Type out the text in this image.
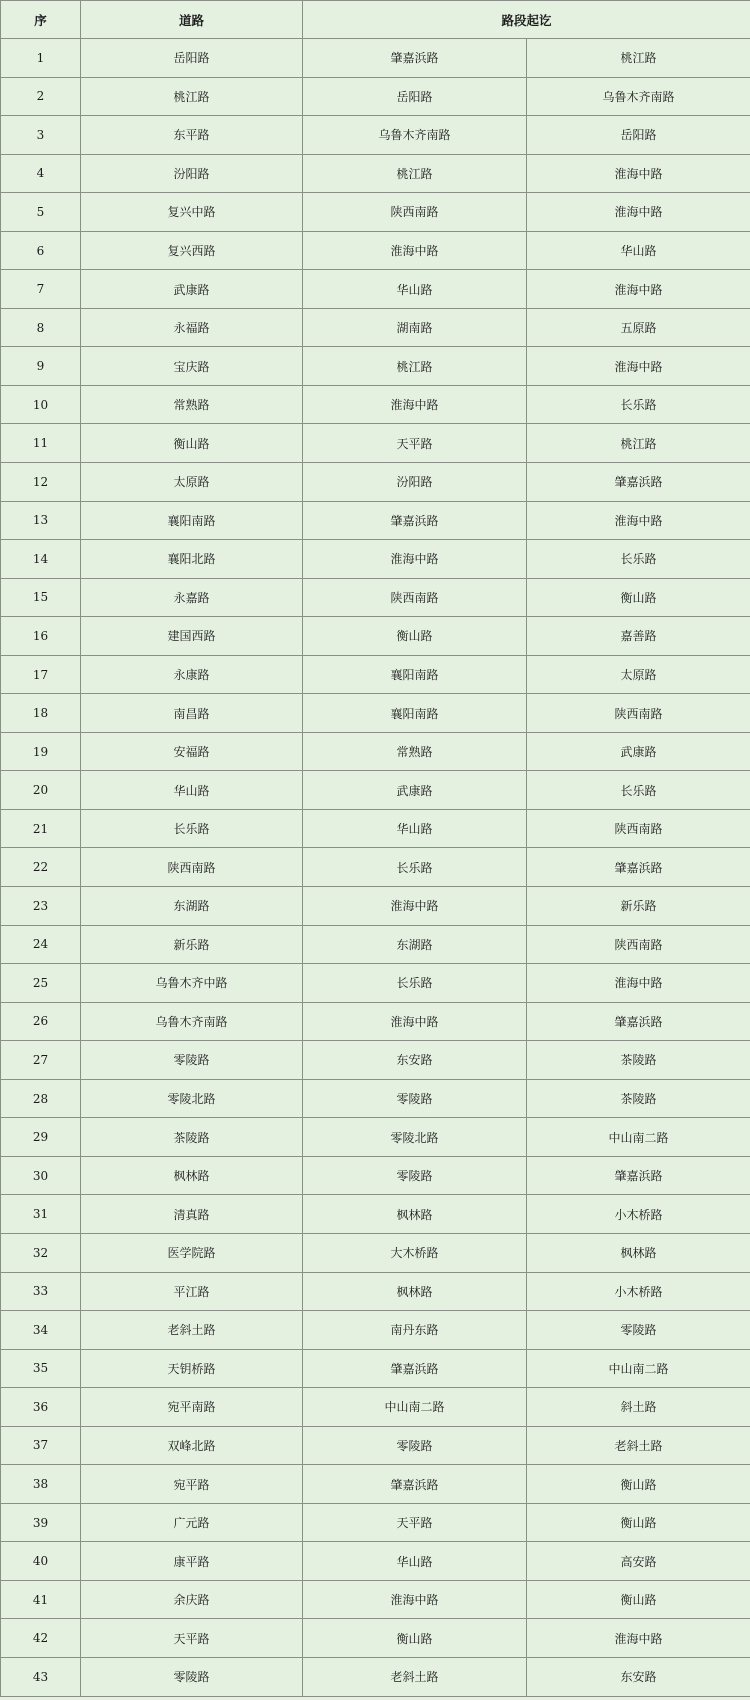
序	道路	路段起讫	
1	岳阳路	肇嘉浜路	桃江路
2	桃江路	岳阳路	乌鲁木齐南路
3	东平路	乌鲁木齐南路	岳阳路
4	汾阳路	桃江路	淮海中路
5	复兴中路	陕西南路	淮海中路
6	复兴西路	淮海中路	华山路
7	武康路	华山路	淮海中路
8	永福路	湖南路	五原路
9	宝庆路	桃江路	淮海中路
10	常熟路	淮海中路	长乐路
11	衡山路	天平路	桃江路
12	太原路	汾阳路	肇嘉浜路
13	襄阳南路	肇嘉浜路	淮海中路
14	襄阳北路	淮海中路	长乐路
15	永嘉路	陕西南路	衡山路
16	建国西路	衡山路	嘉善路
17	永康路	襄阳南路	太原路
18	南昌路	襄阳南路	陕西南路
19	安福路	常熟路	武康路
20	华山路	武康路	长乐路
21	长乐路	华山路	陕西南路
22	陕西南路	长乐路	肇嘉浜路
23	东湖路	淮海中路	新乐路
24	新乐路	东湖路	陕西南路
25	乌鲁木齐中路	长乐路	淮海中路
26	乌鲁木齐南路	淮海中路	肇嘉浜路
27	零陵路	东安路	茶陵路
28	零陵北路	零陵路	茶陵路
29	茶陵路	零陵北路	中山南二路
30	枫林路	零陵路	肇嘉浜路
31	清真路	枫林路	小木桥路
32	医学院路	大木桥路	枫林路
33	平江路	枫林路	小木桥路
34	老斜土路	南丹东路	零陵路
35	天钥桥路	肇嘉浜路	中山南二路
36	宛平南路	中山南二路	斜土路
37	双峰北路	零陵路	老斜土路
38	宛平路	肇嘉浜路	衡山路
39	广元路	天平路	衡山路
40	康平路	华山路	高安路
41	余庆路	淮海中路	衡山路
42	天平路	衡山路	淮海中路
43	零陵路	老斜土路	东安路
